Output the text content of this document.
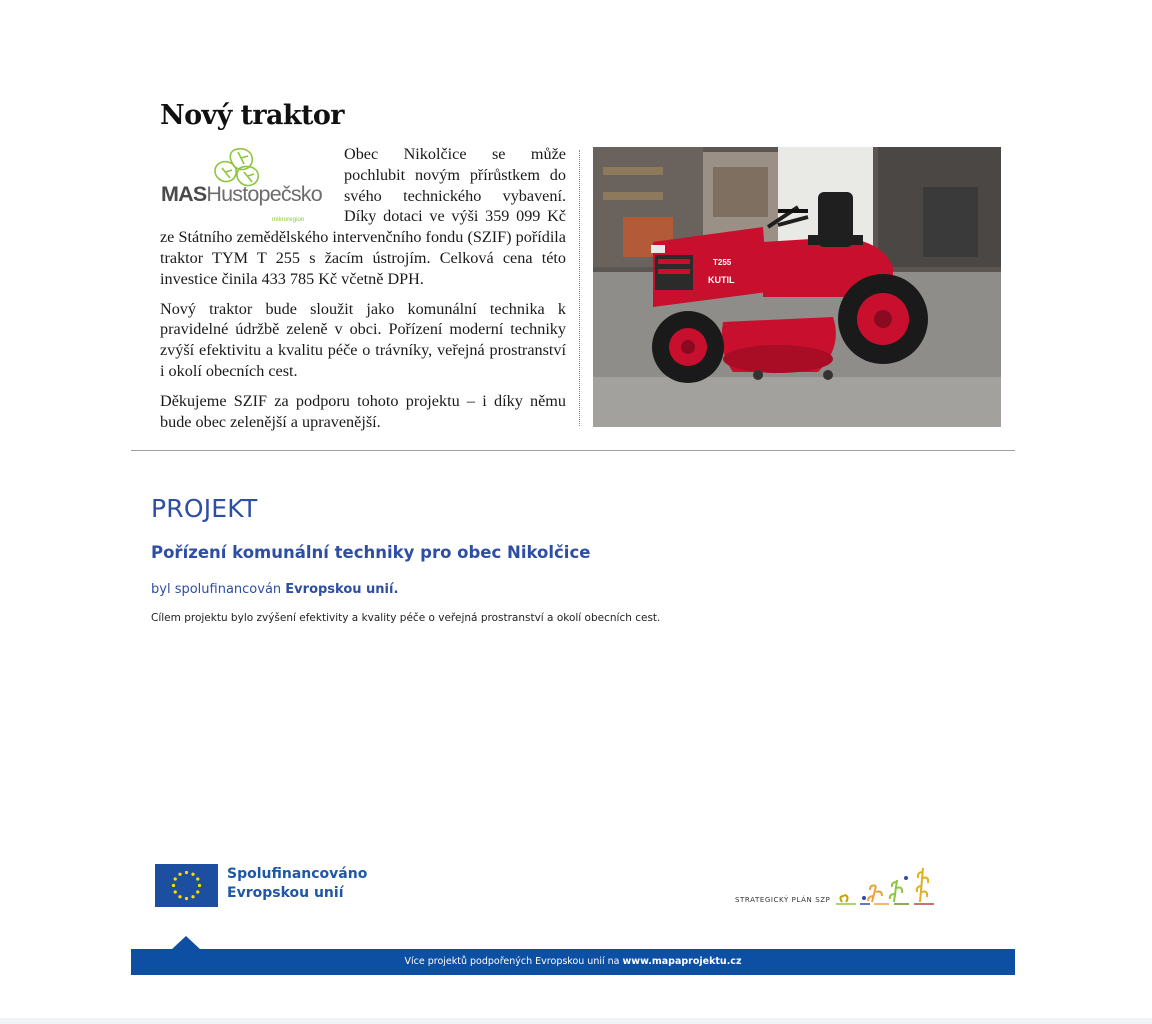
Nový traktor
MASHustopečsko
mikroregion

Obec Nikolčice se může pochlubit novým přírůstkem do svého technického vybavení. Díky dotaci ve výši 359 099 Kč ze Státního zemědělského intervenčního fondu (SZIF) pořídila traktor TYM T 255 s žacím ústrojím. Celková cena této investice činila 433 785 Kč včetně DPH.

Nový traktor bude sloužit jako komunální technika k pravidelné údržbě zeleně v obci. Pořízení moderní techniky zvýší efektivitu a kvalitu péče o trávníky, veřejná prostranství i okolí obecních cest.

Děkujeme SZIF za podporu tohoto projektu – i díky němu bude obec zelenější a upravenější.

T255
KUTIL
PROJEKT
Pořízení komunální techniky pro obec Nikolčice
byl spolufinancován Evropskou unií.
Cílem projektu bylo zvýšení efektivity a kvality péče o veřejná prostranství a okolí obecních cest.
Spolufinancováno
Evropskou unií	STRATEGICKÝ PLÁN SZP
Více projektů podpořených Evropskou unií na www.mapaprojektu.cz
